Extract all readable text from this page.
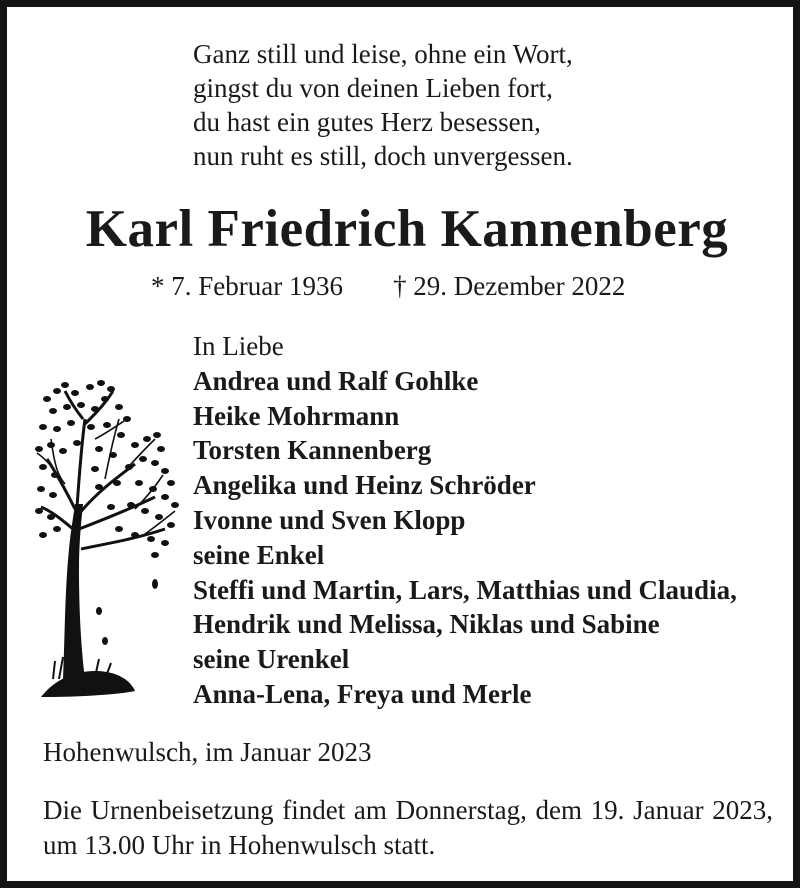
Ganz still und leise, ohne ein Wort,
gingst du von deinen Lieben fort,
du hast ein gutes Herz besessen,
nun ruht es still, doch unvergessen.
Karl Friedrich Kannenberg
* 7. Februar 1936 † 29. Dezember 2022
In Liebe
Andrea und Ralf Gohlke
Heike Mohrmann
Torsten Kannenberg
Angelika und Heinz Schröder
Ivonne und Sven Klopp
seine Enkel
Steffi und Martin, Lars, Matthias und Claudia,
Hendrik und Melissa, Niklas und Sabine
seine Urenkel
Anna-Lena, Freya und Merle
Hohenwulsch, im Januar 2023
Die Urnenbeisetzung findet am Donnerstag, dem 19. Januar 2023, um 13.00 Uhr in Hohenwulsch statt.
